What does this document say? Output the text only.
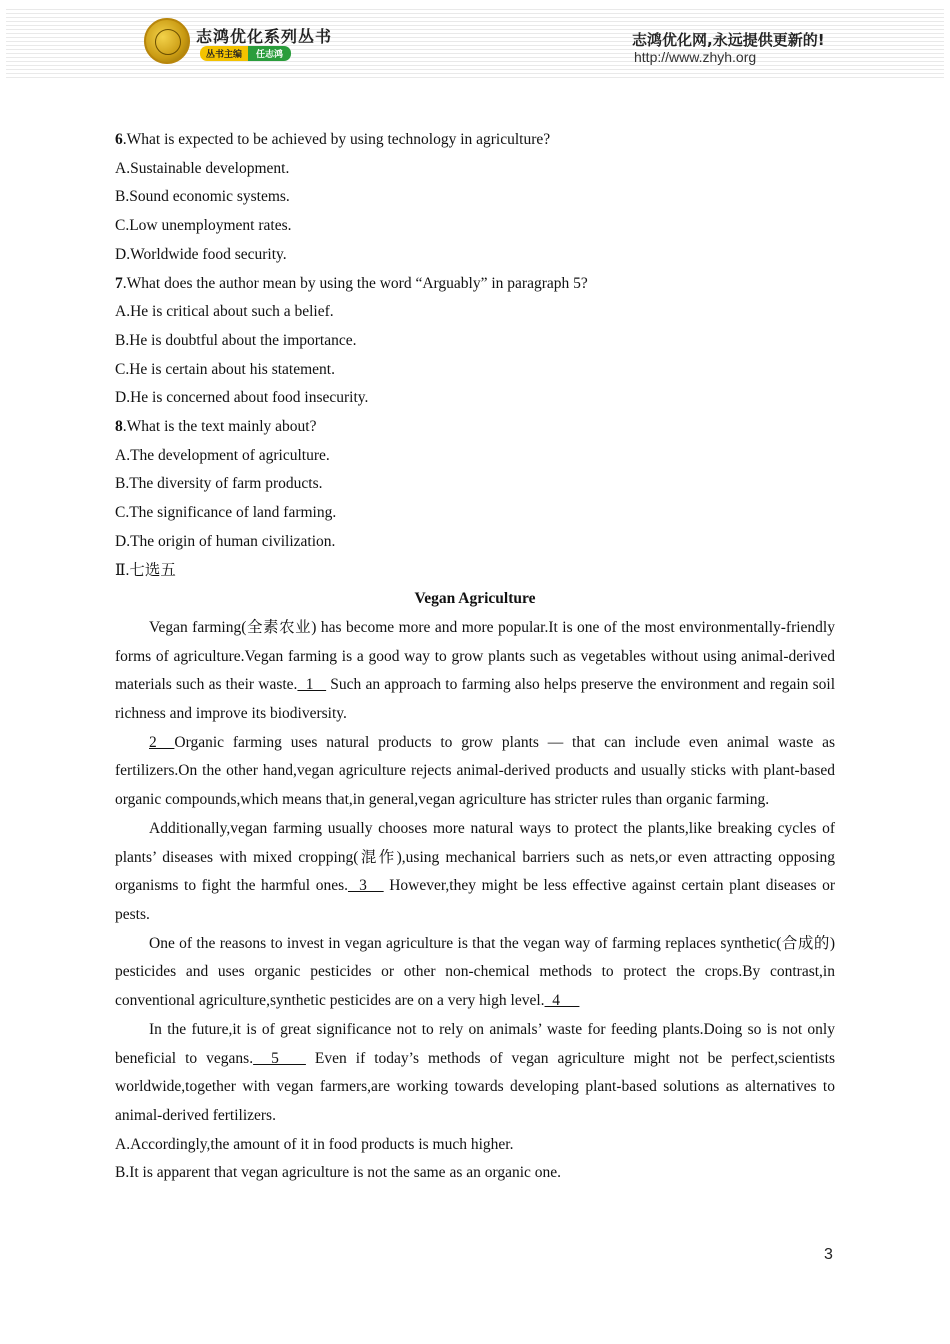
志鸿优化系列丛书
丛书主编	任志鸿
志鸿优化网,永远提供更新的!
http://www.zhyh.org
6.What is expected to be achieved by using technology in agriculture?
A.Sustainable development.
B.Sound economic systems.
C.Low unemployment rates.
D.Worldwide food security.
7.What does the author mean by using the word “Arguably” in paragraph 5?
A.He is critical about such a belief.
B.He is doubtful about the importance.
C.He is certain about his statement.
D.He is concerned about food insecurity.
8.What is the text mainly about?
A.The development of agriculture.
B.The diversity of farm products.
C.The significance of land farming.
D.The origin of human civilization.
Ⅱ.七选五
Vegan Agriculture
Vegan farming(全素农业) has become more and more popular.It is one of the most environmentally-friendly forms of agriculture.Vegan farming is a good way to grow plants such as vegetables without using animal-derived materials such as their waste.  1    Such an approach to farming also helps preserve the environment and regain soil richness and improve its biodiversity.
2  Organic farming uses natural products to grow plants — that can include even animal waste as fertilizers.On the other hand,vegan agriculture rejects animal-derived products and usually sticks with plant-based organic compounds,which means that,in general,vegan agriculture has stricter rules than organic farming.
Additionally,vegan farming usually chooses more natural ways to protect the plants,like breaking cycles of plants’ diseases with mixed cropping(混作),using mechanical barriers such as nets,or even attracting opposing organisms to fight the harmful ones.  3    However,they might be less effective against certain plant diseases or pests.
One of the reasons to invest in vegan agriculture is that the vegan way of farming replaces synthetic(合成的) pesticides and uses organic pesticides or other non-chemical methods to protect the crops.By contrast,in conventional agriculture,synthetic pesticides are on a very high level.  4
In the future,it is of great significance not to rely on animals’ waste for feeding plants.Doing so is not only beneficial to vegans.  5    Even if today’s methods of vegan agriculture might not be perfect,scientists worldwide,together with vegan farmers,are working towards developing plant-based solutions as alternatives to animal-derived fertilizers.
A.Accordingly,the amount of it in food products is much higher.
B.It is apparent that vegan agriculture is not the same as an organic one.
3
